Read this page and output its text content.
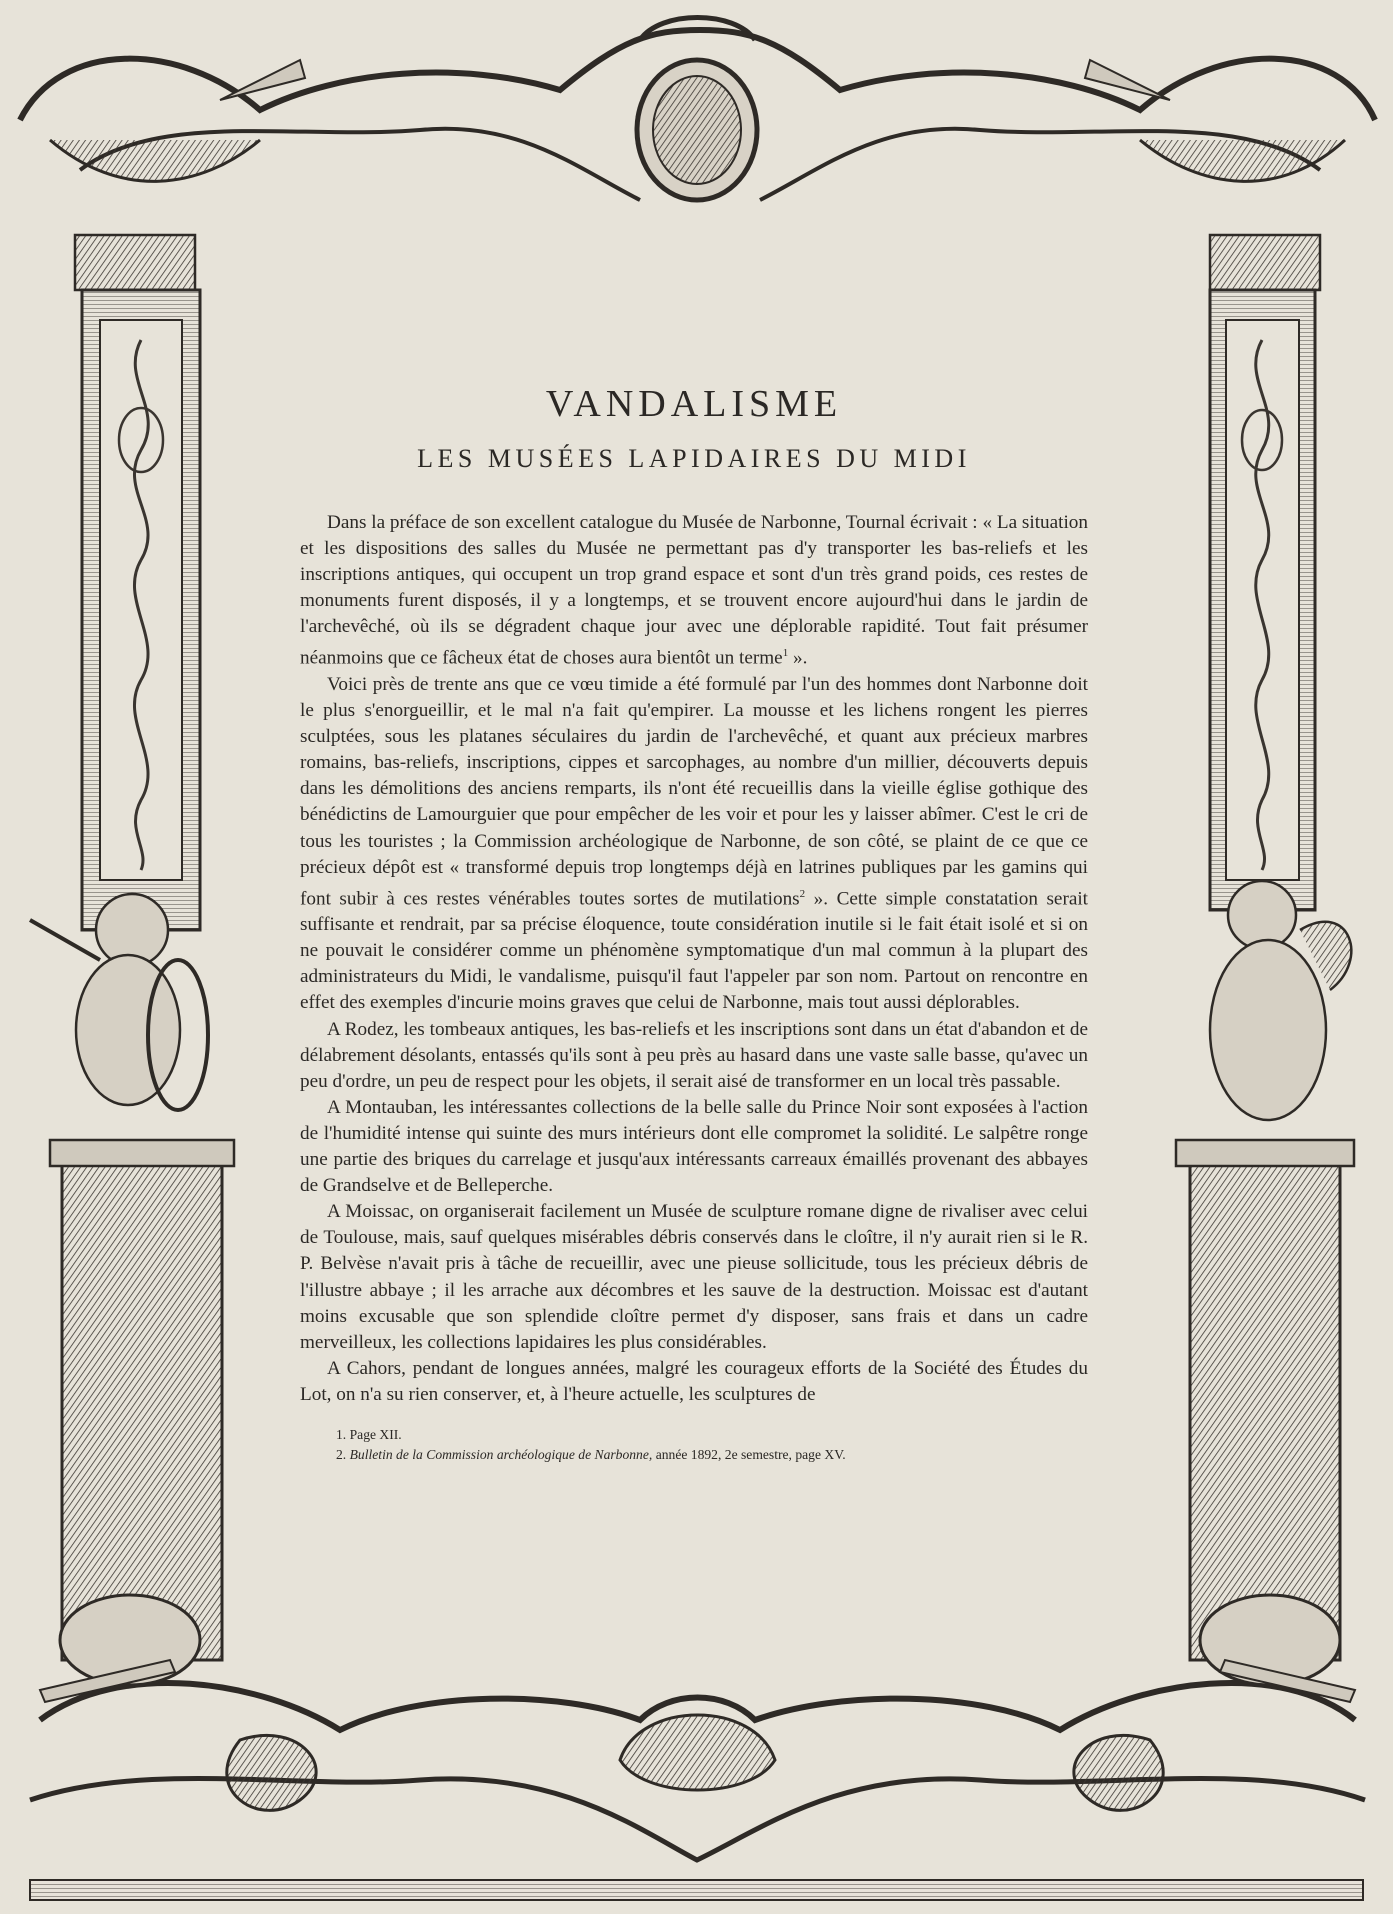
VANDALISME
LES MUSÉES LAPIDAIRES DU MIDI

Dans la préface de son excellent catalogue du Musée de Narbonne, Tournal écrivait : « La situation et les dispositions des salles du Musée ne permettant pas d'y transporter les bas-reliefs et les inscriptions antiques, qui occupent un trop grand espace et sont d'un très grand poids, ces restes de monuments furent disposés, il y a longtemps, et se trouvent encore aujourd'hui dans le jardin de l'archevêché, où ils se dégradent chaque jour avec une déplorable rapidité. Tout fait présumer néanmoins que ce fâcheux état de choses aura bientôt un terme$^1$ ».

Voici près de trente ans que ce vœu timide a été formulé par l'un des hommes dont Narbonne doit le plus s'enorgueillir, et le mal n'a fait qu'empirer. La mousse et les lichens rongent les pierres sculptées, sous les platanes séculaires du jardin de l'archevêché, et quant aux précieux marbres romains, bas-reliefs, inscriptions, cippes et sarcophages, au nombre d'un millier, découverts depuis dans les démolitions des anciens remparts, ils n'ont été recueillis dans la vieille église gothique des bénédictins de Lamourguier que pour empêcher de les voir et pour les y laisser abîmer. C'est le cri de tous les touristes ; la Commission archéologique de Narbonne, de son côté, se plaint de ce que ce précieux dépôt est « transformé depuis trop longtemps déjà en latrines publiques par les gamins qui font subir à ces restes vénérables toutes sortes de mutilations$^2$ ». Cette simple constatation serait suffisante et rendrait, par sa précise éloquence, toute considération inutile si le fait était isolé et si on ne pouvait le considérer comme un phénomène symptomatique d'un mal commun à la plupart des administrateurs du Midi, le vandalisme, puisqu'il faut l'appeler par son nom. Partout on rencontre en effet des exemples d'incurie moins graves que celui de Narbonne, mais tout aussi déplorables.

A Rodez, les tombeaux antiques, les bas-reliefs et les inscriptions sont dans un état d'abandon et de délabrement désolants, entassés qu'ils sont à peu près au hasard dans une vaste salle basse, qu'avec un peu d'ordre, un peu de respect pour les objets, il serait aisé de transformer en un local très passable.

A Montauban, les intéressantes collections de la belle salle du Prince Noir sont exposées à l'action de l'humidité intense qui suinte des murs intérieurs dont elle compromet la solidité. Le salpêtre ronge une partie des briques du carrelage et jusqu'aux intéressants carreaux émaillés provenant des abbayes de Grandselve et de Belleperche.

A Moissac, on organiserait facilement un Musée de sculpture romane digne de rivaliser avec celui de Toulouse, mais, sauf quelques misérables débris conservés dans le cloître, il n'y aurait rien si le R. P. Belvèse n'avait pris à tâche de recueillir, avec une pieuse sollicitude, tous les précieux débris de l'illustre abbaye ; il les arrache aux décombres et les sauve de la destruction. Moissac est d'autant moins excusable que son splendide cloître permet d'y disposer, sans frais et dans un cadre merveilleux, les collections lapidaires les plus considérables.

A Cahors, pendant de longues années, malgré les courageux efforts de la Société des Études du Lot, on n'a su rien conserver, et, à l'heure actuelle, les sculptures de

1. Page XII.
2. Bulletin de la Commission archéologique de Narbonne, année 1892, 2e semestre, page XV.
